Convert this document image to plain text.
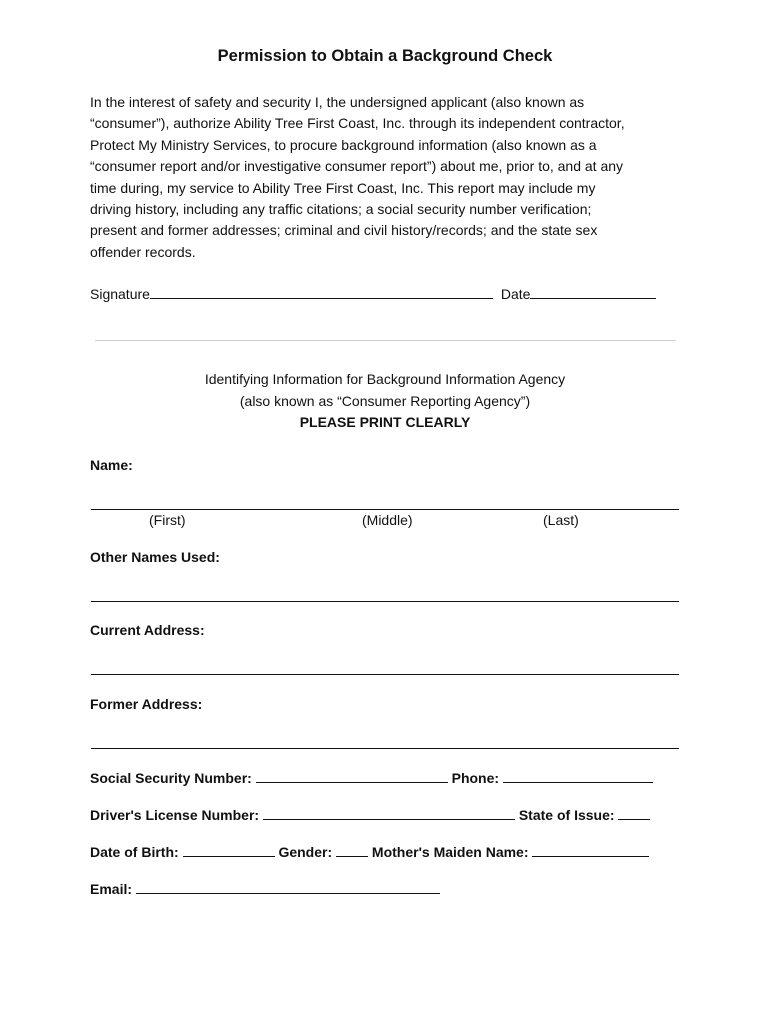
Permission to Obtain a Background Check
In the interest of safety and security I, the undersigned applicant (also known as
“consumer”), authorize Ability Tree First Coast, Inc. through its independent contractor,
Protect My Ministry Services, to procure background information (also known as a
“consumer report and/or investigative consumer report”) about me, prior to, and at any
time during, my service to Ability Tree First Coast, Inc. This report may include my
driving history, including any traffic citations; a social security number verification;
present and former addresses; criminal and civil history/records; and the state sex
offender records.
Signature	Date
Identifying Information for Background Information Agency
(also known as “Consumer Reporting Agency”)
PLEASE PRINT CLEARLY
Name:
(First)	(Middle)	(Last)
Other Names Used:
Current Address:
Former Address:
Social Security Number:	Phone:
Driver's License Number:	State of Issue:
Date of Birth:	Gender:	Mother's Maiden Name:
Email:
